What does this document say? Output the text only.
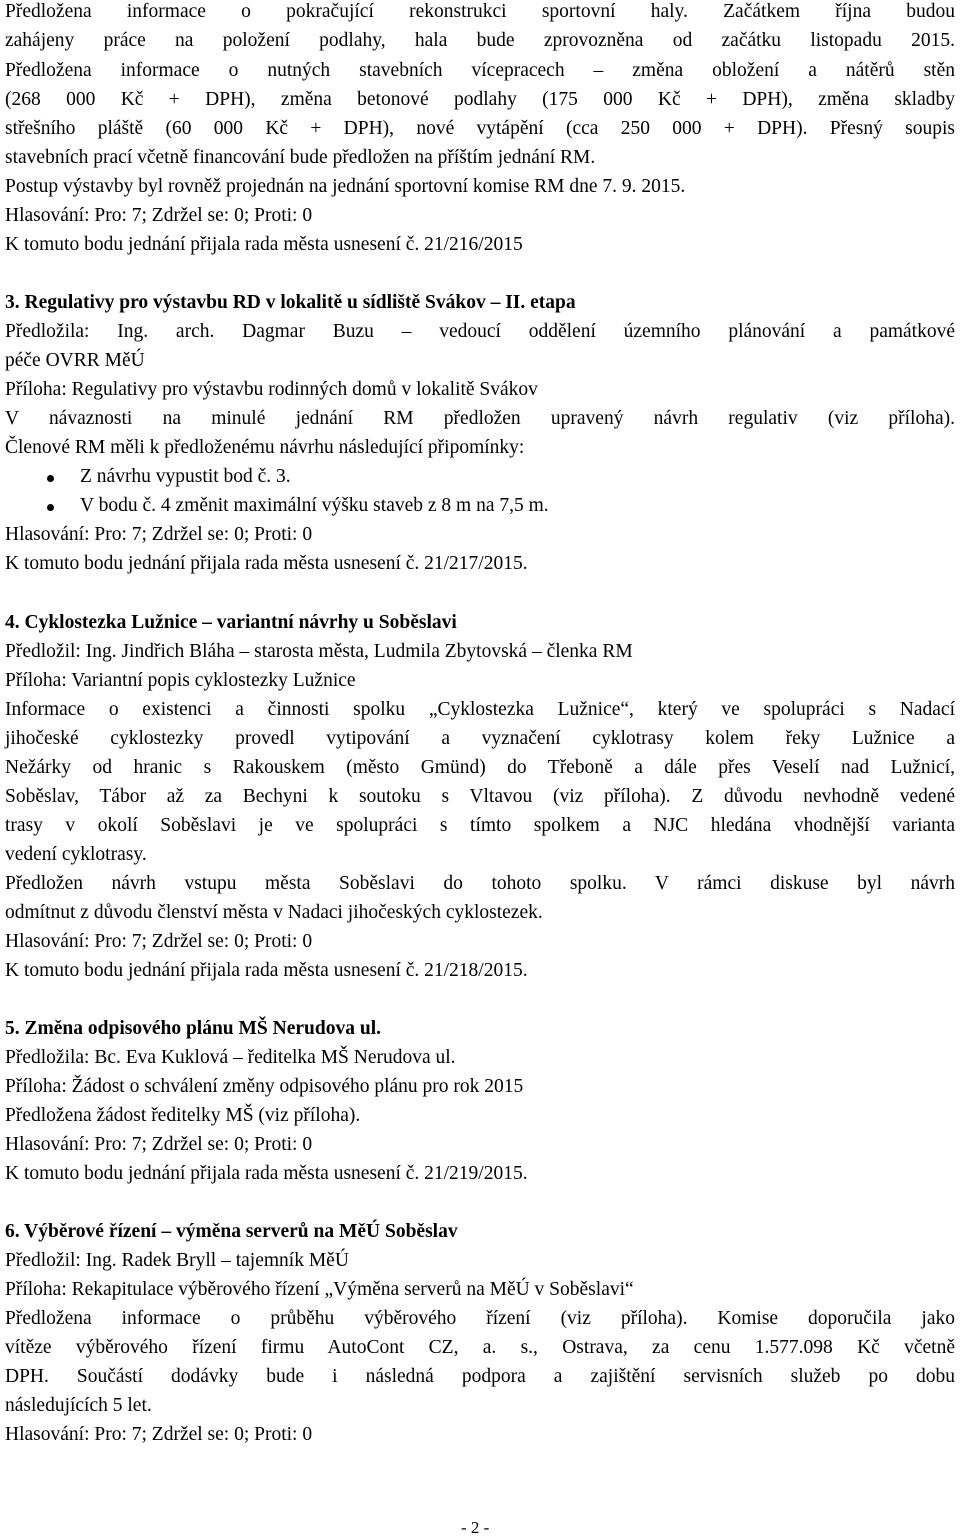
Předložena informace o pokračující rekonstrukci sportovní haly. Začátkem října budou
zahájeny práce na položení podlahy, hala bude zprovozněna od začátku listopadu 2015.
Předložena informace o nutných stavebních vícepracech – změna obložení a nátěrů stěn
(268 000 Kč + DPH), změna betonové podlahy (175 000 Kč + DPH), změna skladby
střešního pláště (60 000 Kč + DPH), nové vytápění (cca 250 000 + DPH). Přesný soupis
stavebních prací včetně financování bude předložen na příštím jednání RM.
Postup výstavby byl rovněž projednán na jednání sportovní komise RM dne 7. 9. 2015.
Hlasování: Pro: 7; Zdržel se: 0; Proti: 0
K tomuto bodu jednání přijala rada města usnesení č. 21/216/2015
3. Regulativy pro výstavbu RD v lokalitě u sídliště Svákov – II. etapa
Předložila: Ing. arch. Dagmar Buzu – vedoucí oddělení územního plánování a památkové
péče OVRR MěÚ
Příloha: Regulativy pro výstavbu rodinných domů v lokalitě Svákov
V návaznosti na minulé jednání RM předložen upravený návrh regulativ (viz příloha).
Členové RM měli k předloženému návrhu následující připomínky:
Z návrhu vypustit bod č. 3.
V bodu č. 4 změnit maximální výšku staveb z 8 m na 7,5 m.
Hlasování: Pro: 7; Zdržel se: 0; Proti: 0
K tomuto bodu jednání přijala rada města usnesení č. 21/217/2015.
4. Cyklostezka Lužnice – variantní návrhy u Soběslavi
Předložil: Ing. Jindřich Bláha – starosta města, Ludmila Zbytovská – členka RM
Příloha: Variantní popis cyklostezky Lužnice
Informace o existenci a činnosti spolku „Cyklostezka Lužnice“, který ve spolupráci s Nadací
jihočeské cyklostezky provedl vytipování a vyznačení cyklotrasy kolem řeky Lužnice a
Nežárky od hranic s Rakouskem (město Gmünd) do Třeboně a dále přes Veselí nad Lužnicí,
Soběslav, Tábor až za Bechyni k soutoku s Vltavou (viz příloha). Z důvodu nevhodně vedené
trasy v okolí Soběslavi je ve spolupráci s tímto spolkem a NJC hledána vhodnější varianta
vedení cyklotrasy.
Předložen návrh vstupu města Soběslavi do tohoto spolku. V rámci diskuse byl návrh
odmítnut z důvodu členství města v Nadaci jihočeských cyklostezek.
Hlasování: Pro: 7; Zdržel se: 0; Proti: 0
K tomuto bodu jednání přijala rada města usnesení č. 21/218/2015.
5. Změna odpisového plánu MŠ Nerudova ul.
Předložila: Bc. Eva Kuklová – ředitelka MŠ Nerudova ul.
Příloha: Žádost o schválení změny odpisového plánu pro rok 2015
Předložena žádost ředitelky MŠ (viz příloha).
Hlasování: Pro: 7; Zdržel se: 0; Proti: 0
K tomuto bodu jednání přijala rada města usnesení č. 21/219/2015.
6. Výběrové řízení – výměna serverů na MěÚ Soběslav
Předložil: Ing. Radek Bryll – tajemník MěÚ
Příloha: Rekapitulace výběrového řízení „Výměna serverů na MěÚ v Soběslavi“
Předložena informace o průběhu výběrového řízení (viz příloha). Komise doporučila jako
vítěze výběrového řízení firmu AutoCont CZ, a. s., Ostrava, za cenu 1.577.098 Kč včetně
DPH. Součástí dodávky bude i následná podpora a zajištění servisních služeb po dobu
následujících 5 let.
Hlasování: Pro: 7; Zdržel se: 0; Proti: 0
- 2 -
